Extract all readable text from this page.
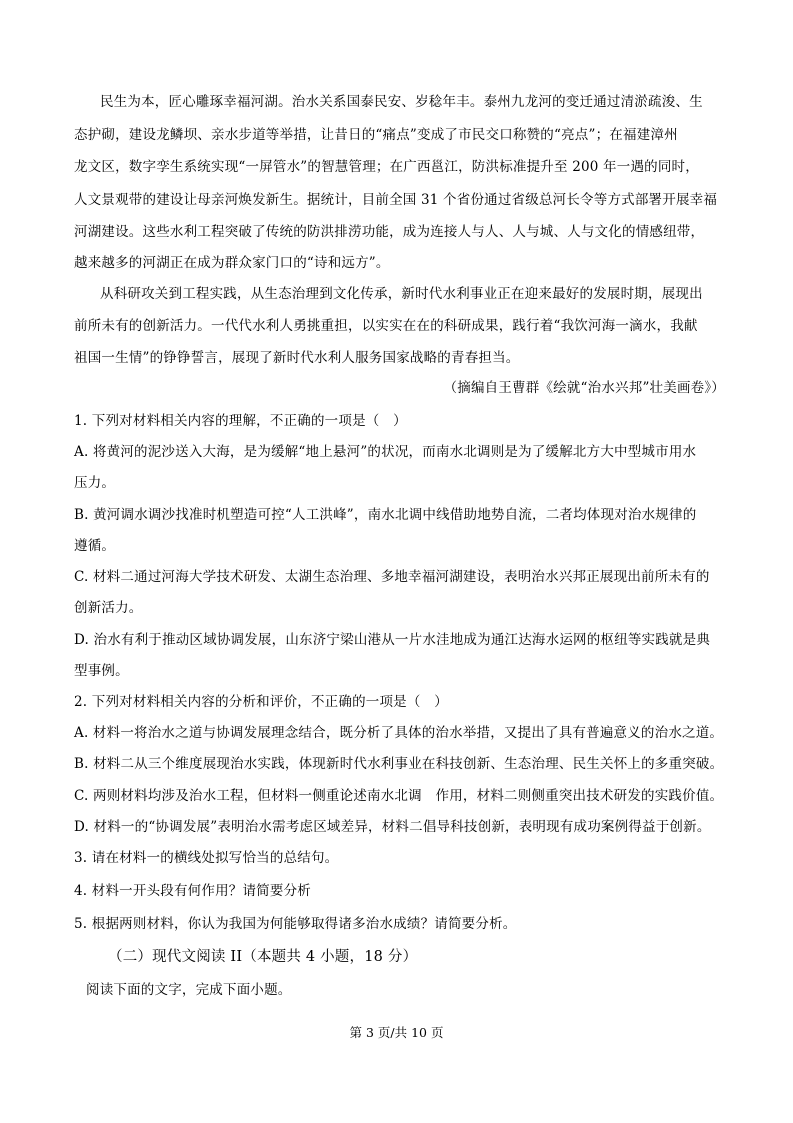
民生为本，匠心雕琢幸福河湖。治水关系国泰民安、岁稔年丰。泰州九龙河的变迁通过清淤疏浚、生
态护砌，建设龙鳞坝、亲水步道等举措，让昔日的“痛点”变成了市民交口称赞的“亮点”；在福建漳州
龙文区，数字孪生系统实现“一屏管水”的智慧管理；在广西邕江，防洪标准提升至 200 年一遇的同时，
人文景观带的建设让母亲河焕发新生。据统计，目前全国 31 个省份通过省级总河长令等方式部署开展幸福
河湖建设。这些水利工程突破了传统的防洪排涝功能，成为连接人与人、人与城、人与文化的情感纽带，
越来越多的河湖正在成为群众家门口的“诗和远方”。
从科研攻关到工程实践，从生态治理到文化传承，新时代水利事业正在迎来最好的发展时期，展现出
前所未有的创新活力。一代代水利人勇挑重担，以实实在在的科研成果，践行着“我饮河海一滴水，我献
祖国一生情”的铮铮誓言，展现了新时代水利人服务国家战略的青春担当。
（摘编自王曹群《绘就“治水兴邦”壮美画卷》）
1. 下列对材料相关内容的理解，不正确的一项是（　）
A. 将黄河的泥沙送入大海，是为缓解“地上悬河”的状况，而南水北调则是为了缓解北方大中型城市用水
压力。
B. 黄河调水调沙找准时机塑造可控“人工洪峰”，南水北调中线借助地势自流，二者均体现对治水规律的
遵循。
C. 材料二通过河海大学技术研发、太湖生态治理、多地幸福河湖建设，表明治水兴邦正展现出前所未有的
创新活力。
D. 治水有利于推动区域协调发展，山东济宁梁山港从一片水洼地成为通江达海水运网的枢纽等实践就是典
型事例。
2. 下列对材料相关内容的分析和评价，不正确的一项是（　）
A. 材料一将治水之道与协调发展理念结合，既分析了具体的治水举措，又提出了具有普遍意义的治水之道。
B. 材料二从三个维度展现治水实践，体现新时代水利事业在科技创新、生态治理、民生关怀上的多重突破。
C. 两则材料均涉及治水工程，但材料一侧重论述南水北调　作用，材料二则侧重突出技术研发的实践价值。
D. 材料一的“协调发展”表明治水需考虑区域差异，材料二倡导科技创新，表明现有成功案例得益于创新。
3. 请在材料一的横线处拟写恰当的总结句。
4. 材料一开头段有何作用？请简要分析
5. 根据两则材料，你认为我国为何能够取得诸多治水成绩？请简要分析。
（二）现代文阅读 II（本题共 4 小题，18 分）
阅读下面的文字，完成下面小题。
第 3 页/共 10 页
